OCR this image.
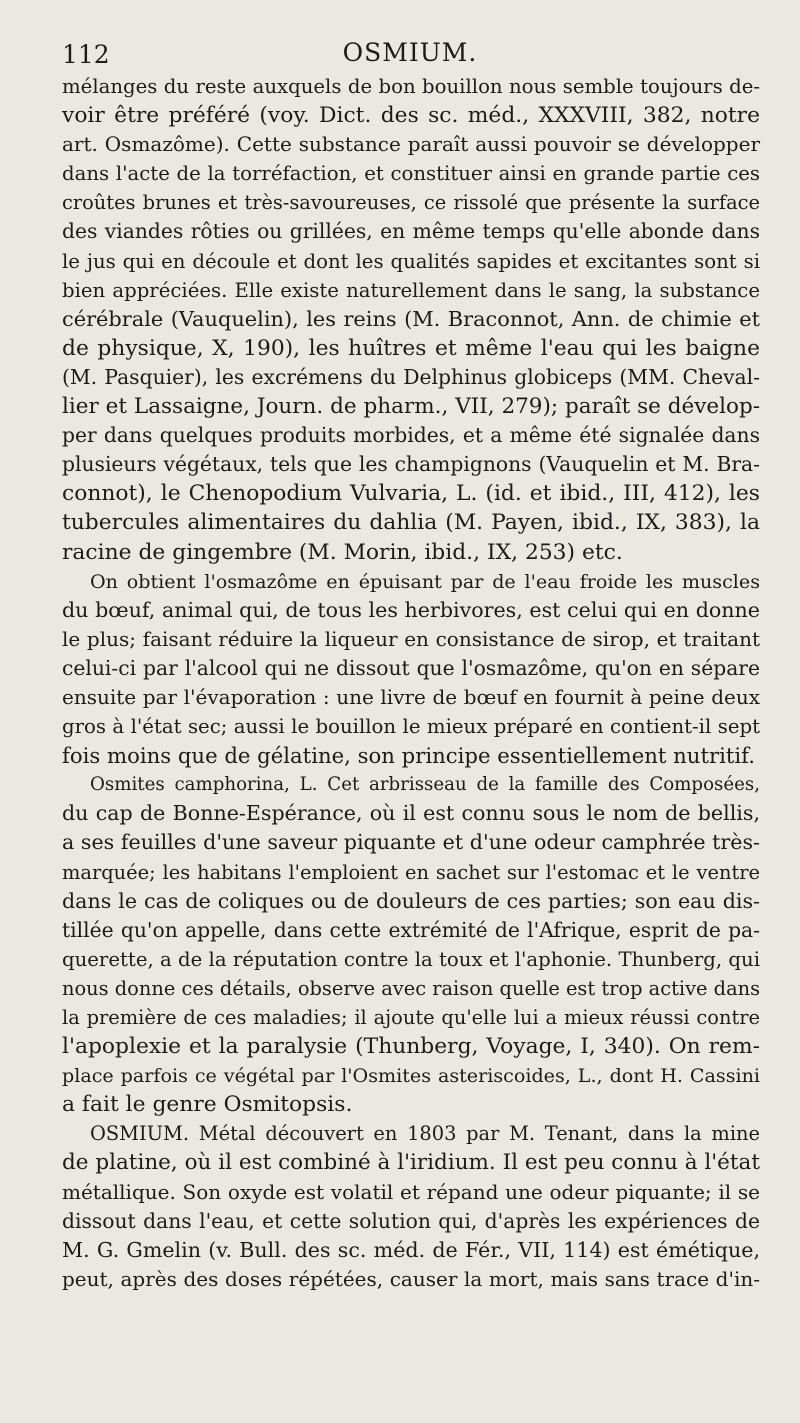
112	OSMIUM.

mélanges du reste auxquels de bon bouillon nous semble toujours de-
voir être préféré (voy. Dict. des sc. méd., XXXVIII, 382, notre
art. Osmazôme). Cette substance paraît aussi pouvoir se développer
dans l'acte de la torréfaction, et constituer ainsi en grande partie ces
croûtes brunes et très-savoureuses, ce rissolé que présente la surface
des viandes rôties ou grillées, en même temps qu'elle abonde dans
le jus qui en découle et dont les qualités sapides et excitantes sont si
bien appréciées. Elle existe naturellement dans le sang, la substance
cérébrale (Vauquelin), les reins (M. Braconnot, Ann. de chimie et
de physique, X, 190), les huîtres et même l'eau qui les baigne
(M. Pasquier), les excrémens du Delphinus globiceps (MM. Cheval-
lier et Lassaigne, Journ. de pharm., VII, 279); paraît se dévelop-
per dans quelques produits morbides, et a même été signalée dans
plusieurs végétaux, tels que les champignons (Vauquelin et M. Bra-
connot), le Chenopodium Vulvaria, L. (id. et ibid., III, 412), les
tubercules alimentaires du dahlia (M. Payen, ibid., IX, 383), la
racine de gingembre (M. Morin, ibid., IX, 253) etc.

On obtient l'osmazôme en épuisant par de l'eau froide les muscles
du bœuf, animal qui, de tous les herbivores, est celui qui en donne
le plus; faisant réduire la liqueur en consistance de sirop, et traitant
celui-ci par l'alcool qui ne dissout que l'osmazôme, qu'on en sépare
ensuite par l'évaporation : une livre de bœuf en fournit à peine deux
gros à l'état sec; aussi le bouillon le mieux préparé en contient-il sept
fois moins que de gélatine, son principe essentiellement nutritif.

Osmites camphorina, L. Cet arbrisseau de la famille des Composées,
du cap de Bonne-Espérance, où il est connu sous le nom de bellis,
a ses feuilles d'une saveur piquante et d'une odeur camphrée très-
marquée; les habitans l'emploient en sachet sur l'estomac et le ventre
dans le cas de coliques ou de douleurs de ces parties; son eau dis-
tillée qu'on appelle, dans cette extrémité de l'Afrique, esprit de pa-
querette, a de la réputation contre la toux et l'aphonie. Thunberg, qui
nous donne ces détails, observe avec raison quelle est trop active dans
la première de ces maladies; il ajoute qu'elle lui a mieux réussi contre
l'apoplexie et la paralysie (Thunberg, Voyage, I, 340). On rem-
place parfois ce végétal par l'Osmites asteriscoides, L., dont H. Cassini
a fait le genre Osmitopsis.

OSMIUM. Métal découvert en 1803 par M. Tenant, dans la mine
de platine, où il est combiné à l'iridium. Il est peu connu à l'état
métallique. Son oxyde est volatil et répand une odeur piquante; il se
dissout dans l'eau, et cette solution qui, d'après les expériences de
M. G. Gmelin (v. Bull. des sc. méd. de Fér., VII, 114) est émétique,
peut, après des doses répétées, causer la mort, mais sans trace d'in-
